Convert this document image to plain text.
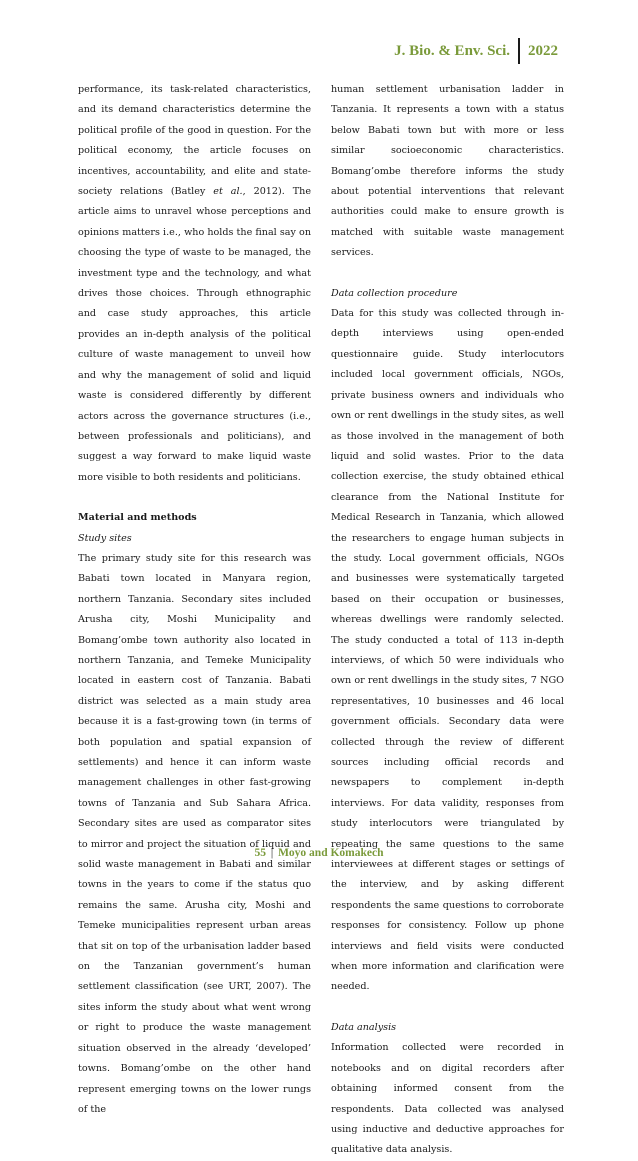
J. Bio. & Env. Sci.	2022

performance, its task-related characteristics, and its demand characteristics determine the political profile of the good in question. For the political economy, the article focuses on incentives, accountability, and elite and state-society relations (Batley et al., 2012). The article aims to unravel whose perceptions and opinions matters i.e., who holds the final say on choosing the type of waste to be managed, the investment type and the technology, and what drives those choices. Through ethnographic and case study approaches, this article provides an in-depth analysis of the political culture of waste management to unveil how and why the management of solid and liquid waste is considered differently by different actors across the governance structures (i.e., between professionals and politicians), and suggest a way forward to make liquid waste more visible to both residents and politicians.

Material and methods

Study sites

The primary study site for this research was Babati town located in Manyara region, northern Tanzania. Secondary sites included Arusha city, Moshi Municipality and Bomang’ombe town authority also located in northern Tanzania, and Temeke Municipality located in eastern cost of Tanzania. Babati district was selected as a main study area because it is a fast-growing town (in terms of both population and spatial expansion of settlements) and hence it can inform waste management challenges in other fast-growing towns of Tanzania and Sub Sahara Africa. Secondary sites are used as comparator sites to mirror and project the situation of liquid and solid waste management in Babati and similar towns in the years to come if the status quo remains the same. Arusha city, Moshi and Temeke municipalities represent urban areas that sit on top of the urbanisation ladder based on the Tanzanian government’s human settlement classification (see URT, 2007). The sites inform the study about what went wrong or right to produce the waste management situation observed in the already ‘developed’ towns. Bomang’ombe on the other hand represent emerging towns on the lower rungs of the

human settlement urbanisation ladder in Tanzania. It represents a town with a status below Babati town but with more or less similar socioeconomic characteristics. Bomang’ombe therefore informs the study about potential interventions that relevant authorities could make to ensure growth is matched with suitable waste management services.

Data collection procedure

Data for this study was collected through in-depth interviews using open-ended questionnaire guide. Study interlocutors included local government officials, NGOs, private business owners and individuals who own or rent dwellings in the study sites, as well as those involved in the management of both liquid and solid wastes. Prior to the data collection exercise, the study obtained ethical clearance from the National Institute for Medical Research in Tanzania, which allowed the researchers to engage human subjects in the study. Local government officials, NGOs and businesses were systematically targeted based on their occupation or businesses, whereas dwellings were randomly selected. The study conducted a total of 113 in-depth interviews, of which 50 were individuals who own or rent dwellings in the study sites, 7 NGO representatives, 10 businesses and 46 local government officials. Secondary data were collected through the review of different sources including official records and newspapers to complement in-depth interviews. For data validity, responses from study interlocutors were triangulated by repeating the same questions to the same interviewees at different stages or settings of the interview, and by asking different respondents the same questions to corroborate responses for consistency. Follow up phone interviews and field visits were conducted when more information and clarification were needed.

Data analysis

Information collected were recorded in notebooks and on digital recorders after obtaining informed consent from the respondents. Data collected was analysed using inductive and deductive approaches for qualitative data analysis.

55 | Moyo and Komakech
